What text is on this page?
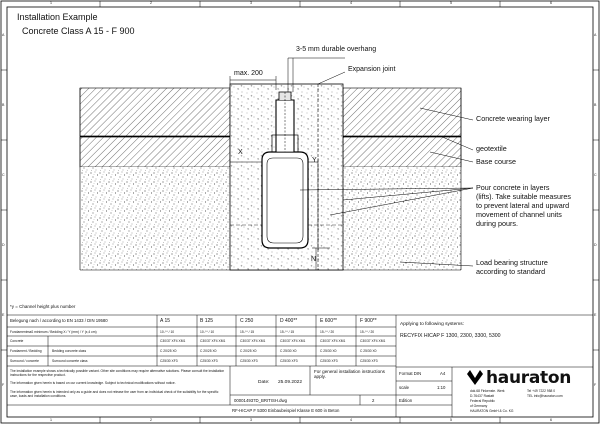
1	2	3	4	5	6
1	2	3	4	5	6
A
B
C
D
E
F
A
B
C
D
E
F
Installation Example
Concrete Class A 15 - F 900
3-5 mm durable overhang
Expansion joint
max. 200
X
Y
N
Concrete wearing layer
geotextile
Base course
Pour concrete in layers
(lifts). Take suitable measures
to prevent lateral and upward
movement of channel units
during pours.
Load bearing structure
according to standard
*y = Channel height plus number
Belegung nach / according to EN 1433 / DIN 19580	A 15	B 125	C 250	D 400**	E 600**	F 900**
Fundamentmaß minimum / Bedding X / Y (mm) / Y (x,4 cm)	10 / * / 10	10 / * / 10	15 / * / 15	15 / * / 15	15 / * / 20	15 / * / 20
Concrete	C30/37 XF4 XM1	C30/37 XF4 XM1	C30/37 XF4 XM1	C30/37 XF4 XM1	C30/37 XF4 XM1	C30/37 XF4 XM1
Fundament / Bedding	Bedding concrete class	C 20/25 X0	C 20/25 X0	C 20/25 X0	C 25/30 X0	C 25/30 X0	C 25/30 X0
Surround / concrete	Surround concrete class	C25/30 XF3	C25/30 XF3	C25/30 XF3	C25/30 XF3	C25/30 XF3	C25/30 XF3
Applying to following systems:
RECYFIX HICAP F 1300, 2300, 3300, 5300
The installation example shows a technically possible variant. Other site conditions may require alternative solutions. Please consult the installation instructions for the respective product.
The information given herein is based on our current knowledge. Subject to technical modifications without notice.
The information given herein is intended only as a guide and does not release the user from an individual check of the suitability for the specific case, loads and installation conditions.
Date: 25.09.2022
For general installation instructions apply.
000014937D_BRITISH.dwg	2
RF-HICAP F 5300 Einbaubeispiel Klasse E 600 in Beton
Format DIN	A4
scale	1:10
Edition
hauraton
dok.68 Finkenste. Werk
D-76437 Rastatt
Federal Republic
of Germany
Tel +49 7222 958 0
TEL info@hauraton.com
HAURATON GmbH & Co. KG
